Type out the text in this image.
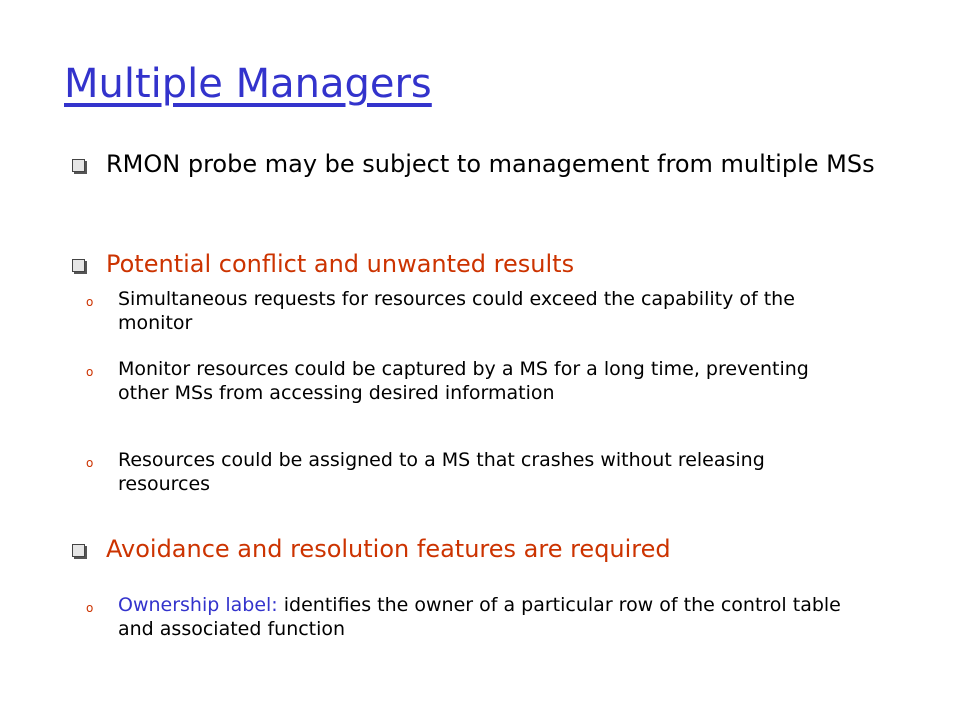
Multiple Managers
RMON probe may be subject to management from multiple MSs
Potential conflict and unwanted results
o Simultaneous requests for resources could exceed the capability of the monitor
o Monitor resources could be captured by a MS for a long time, preventing other MSs from accessing desired information
o Resources could be assigned to a MS that crashes without releasing resources
Avoidance and resolution features are required
o Ownership label: identifies the owner of a particular row of the control table and associated function
